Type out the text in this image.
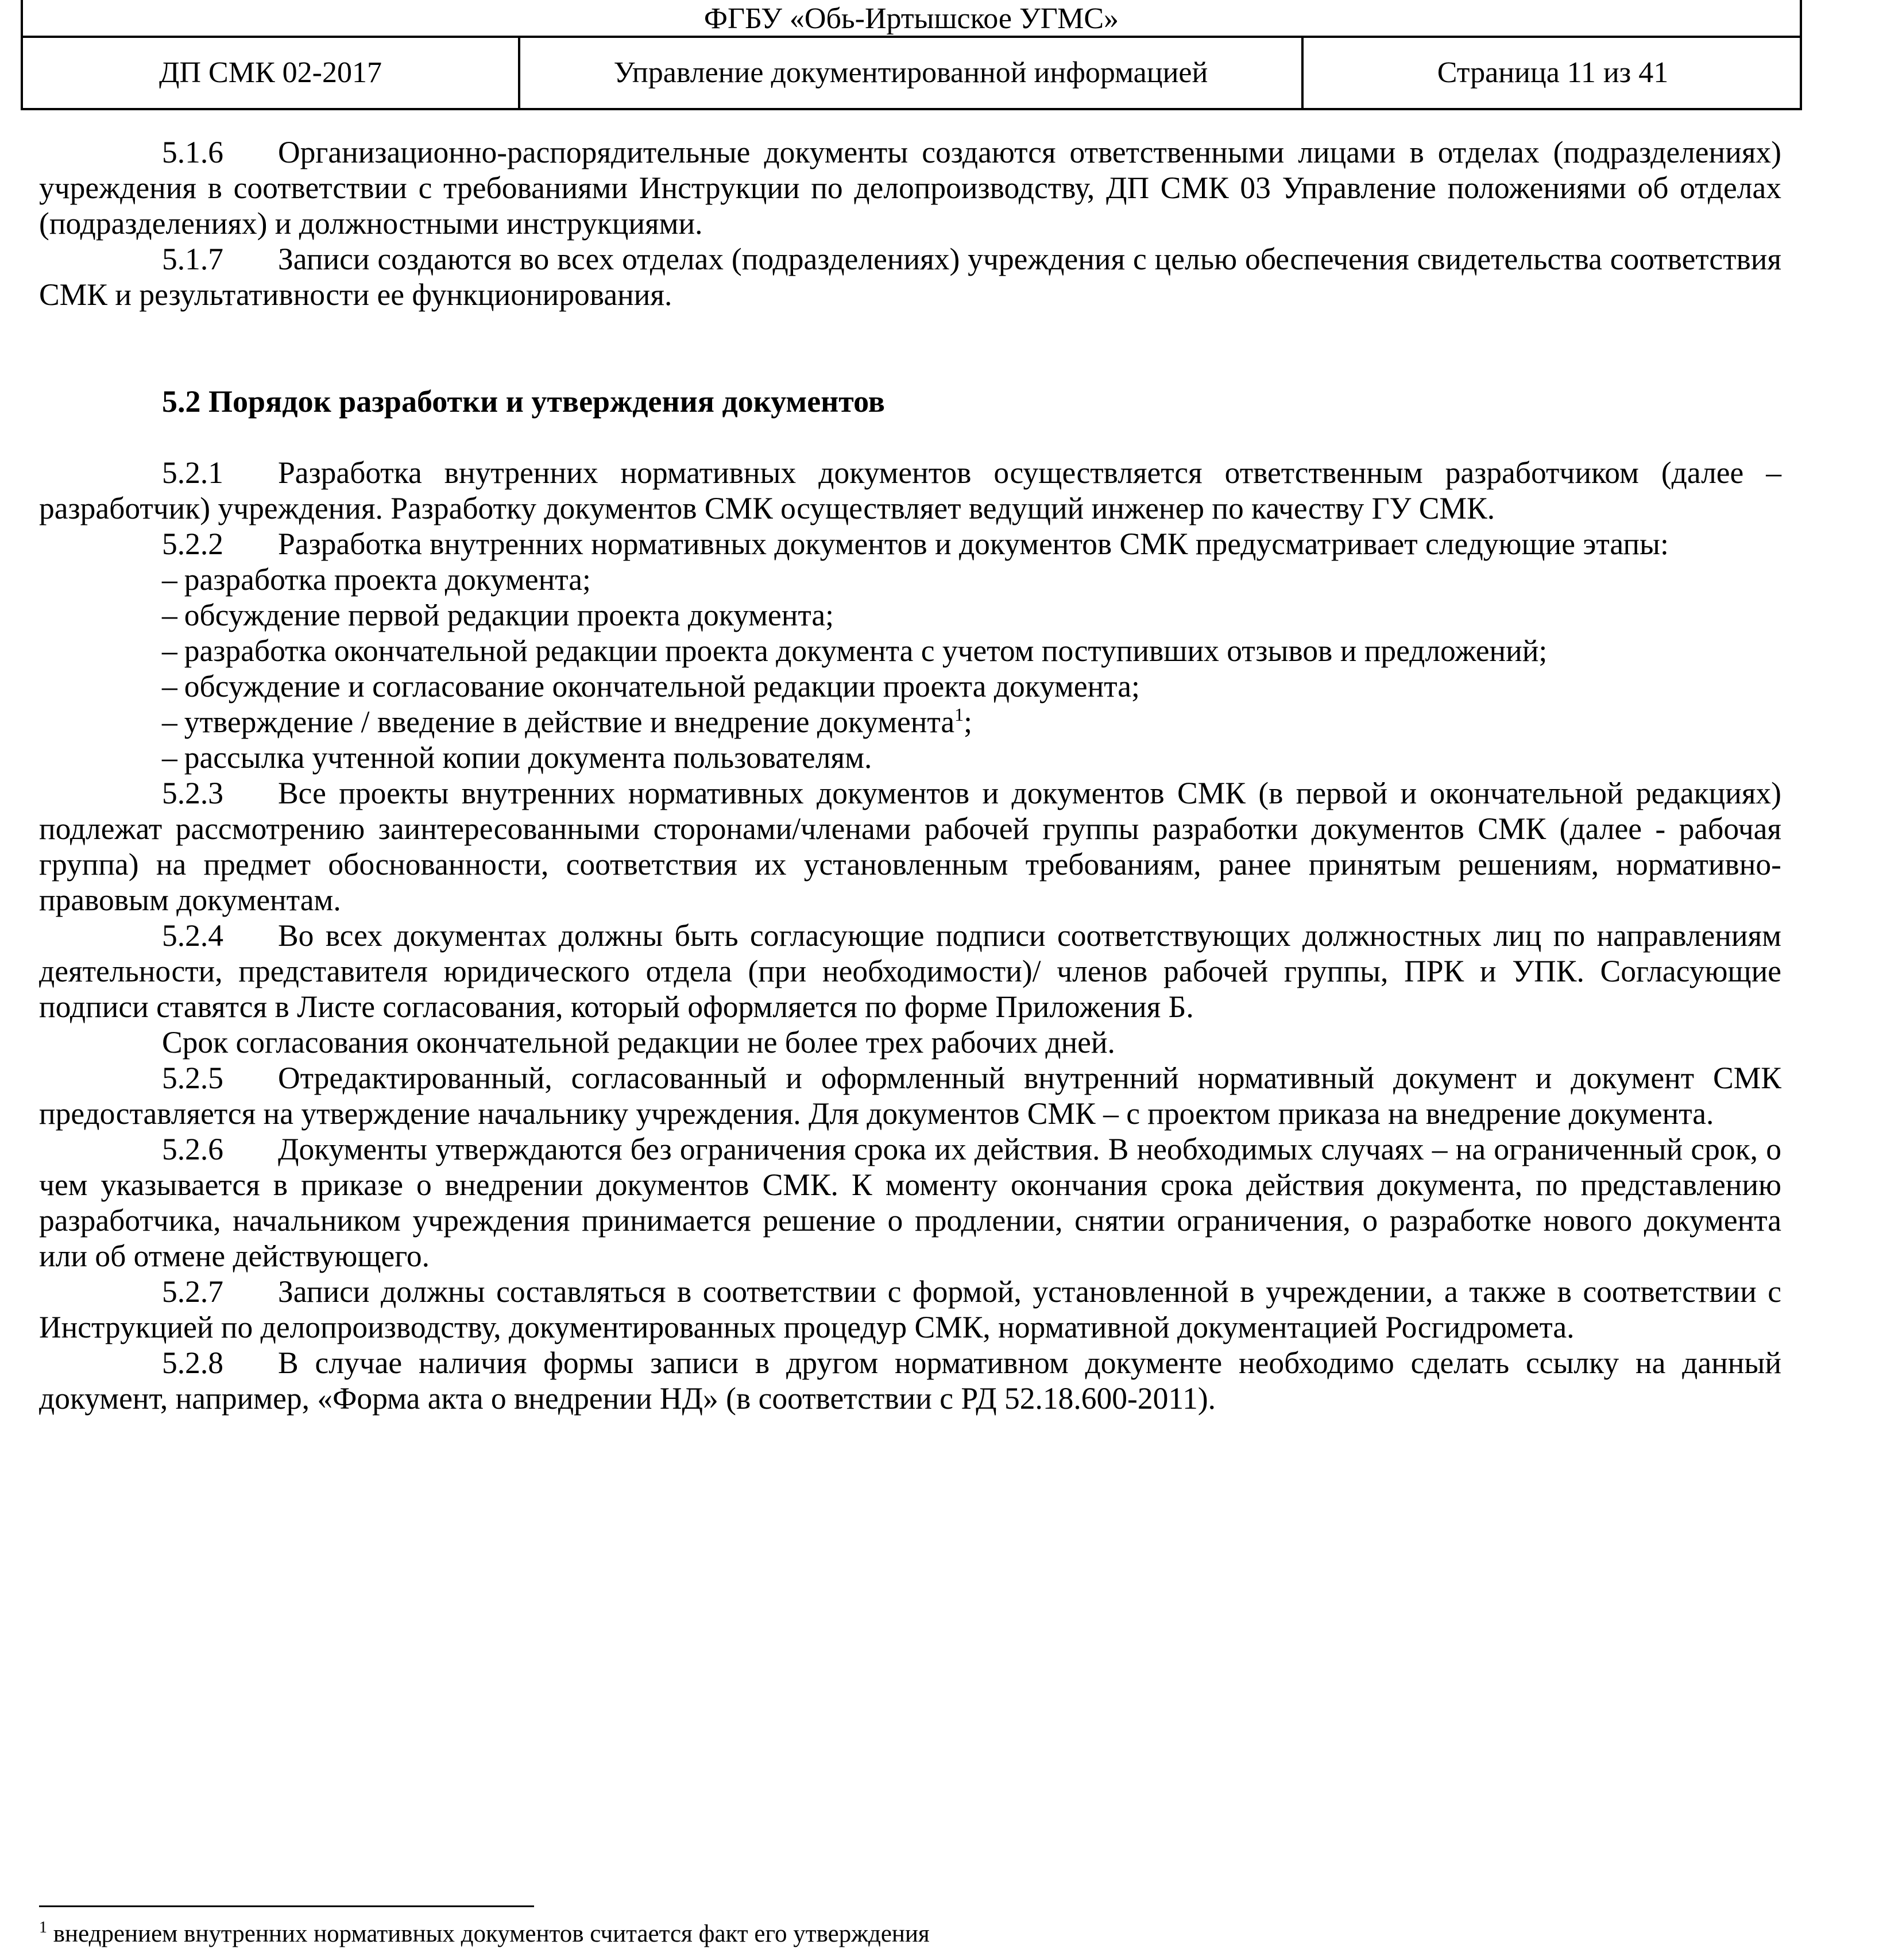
ФГБУ «Обь-Иртышское УГМС»
ДП СМК 02-2017	Управление документированной информацией	Страница 11 из 41

5.1.6 Организационно-распорядительные документы создаются ответственными лицами в отделах (подразделениях) учреждения в соответствии с требованиями Инструкции по делопроизводству, ДП СМК 03 Управление положениями об отделах (подразделениях) и должностными инструкциями.

5.1.7 Записи создаются во всех отделах (подразделениях) учреждения с целью обеспечения свидетельства соответствия СМК и результативности ее функционирования.

5.2 Порядок разработки и утверждения документов

5.2.1 Разработка внутренних нормативных документов осуществляется ответственным разработчиком (далее – разработчик) учреждения. Разработку документов СМК осуществляет ведущий инженер по качеству ГУ СМК.

5.2.2 Разработка внутренних нормативных документов и документов СМК предусматривает следующие этапы:

– разработка проекта документа;

– обсуждение первой редакции проекта документа;

– разработка окончательной редакции проекта документа с учетом поступивших отзывов и предложений;

– обсуждение и согласование окончательной редакции проекта документа;

– утверждение / введение в действие и внедрение документа$^1$;

– рассылка учтенной копии документа пользователям.

5.2.3 Все проекты внутренних нормативных документов и документов СМК (в первой и окончательной редакциях) подлежат рассмотрению заинтересованными сторонами/членами рабочей группы разработки документов СМК (далее - рабочая группа) на предмет обоснованности, соответствия их установленным требованиям, ранее принятым решениям, нормативно-правовым документам.

5.2.4 Во всех документах должны быть согласующие подписи соответствующих должностных лиц по направлениям деятельности, представителя юридического отдела (при необходимости)/ членов рабочей группы, ПРК и УПК. Согласующие подписи ставятся в Листе согласования, который оформляется по форме Приложения Б.

Срок согласования окончательной редакции не более трех рабочих дней.

5.2.5 Отредактированный, согласованный и оформленный внутренний нормативный документ и документ СМК предоставляется на утверждение начальнику учреждения. Для документов СМК – с проектом приказа на внедрение документа.

5.2.6 Документы утверждаются без ограничения срока их действия. В необходимых случаях – на ограниченный срок, о чем указывается в приказе о внедрении документов СМК. К моменту окончания срока действия документа, по представлению разработчика, начальником учреждения принимается решение о продлении, снятии ограничения, о разработке нового документа или об отмене действующего.

5.2.7 Записи должны составляться в соответствии с формой, установленной в учреждении, а также в соответствии с Инструкцией по делопроизводству, документированных процедур СМК, нормативной документацией Росгидромета.

5.2.8 В случае наличия формы записи в другом нормативном документе необходимо сделать ссылку на данный документ, например, «Форма акта о внедрении НД» (в соответствии с РД 52.18.600-2011).

$^1$ внедрением внутренних нормативных документов считается факт его утверждения
